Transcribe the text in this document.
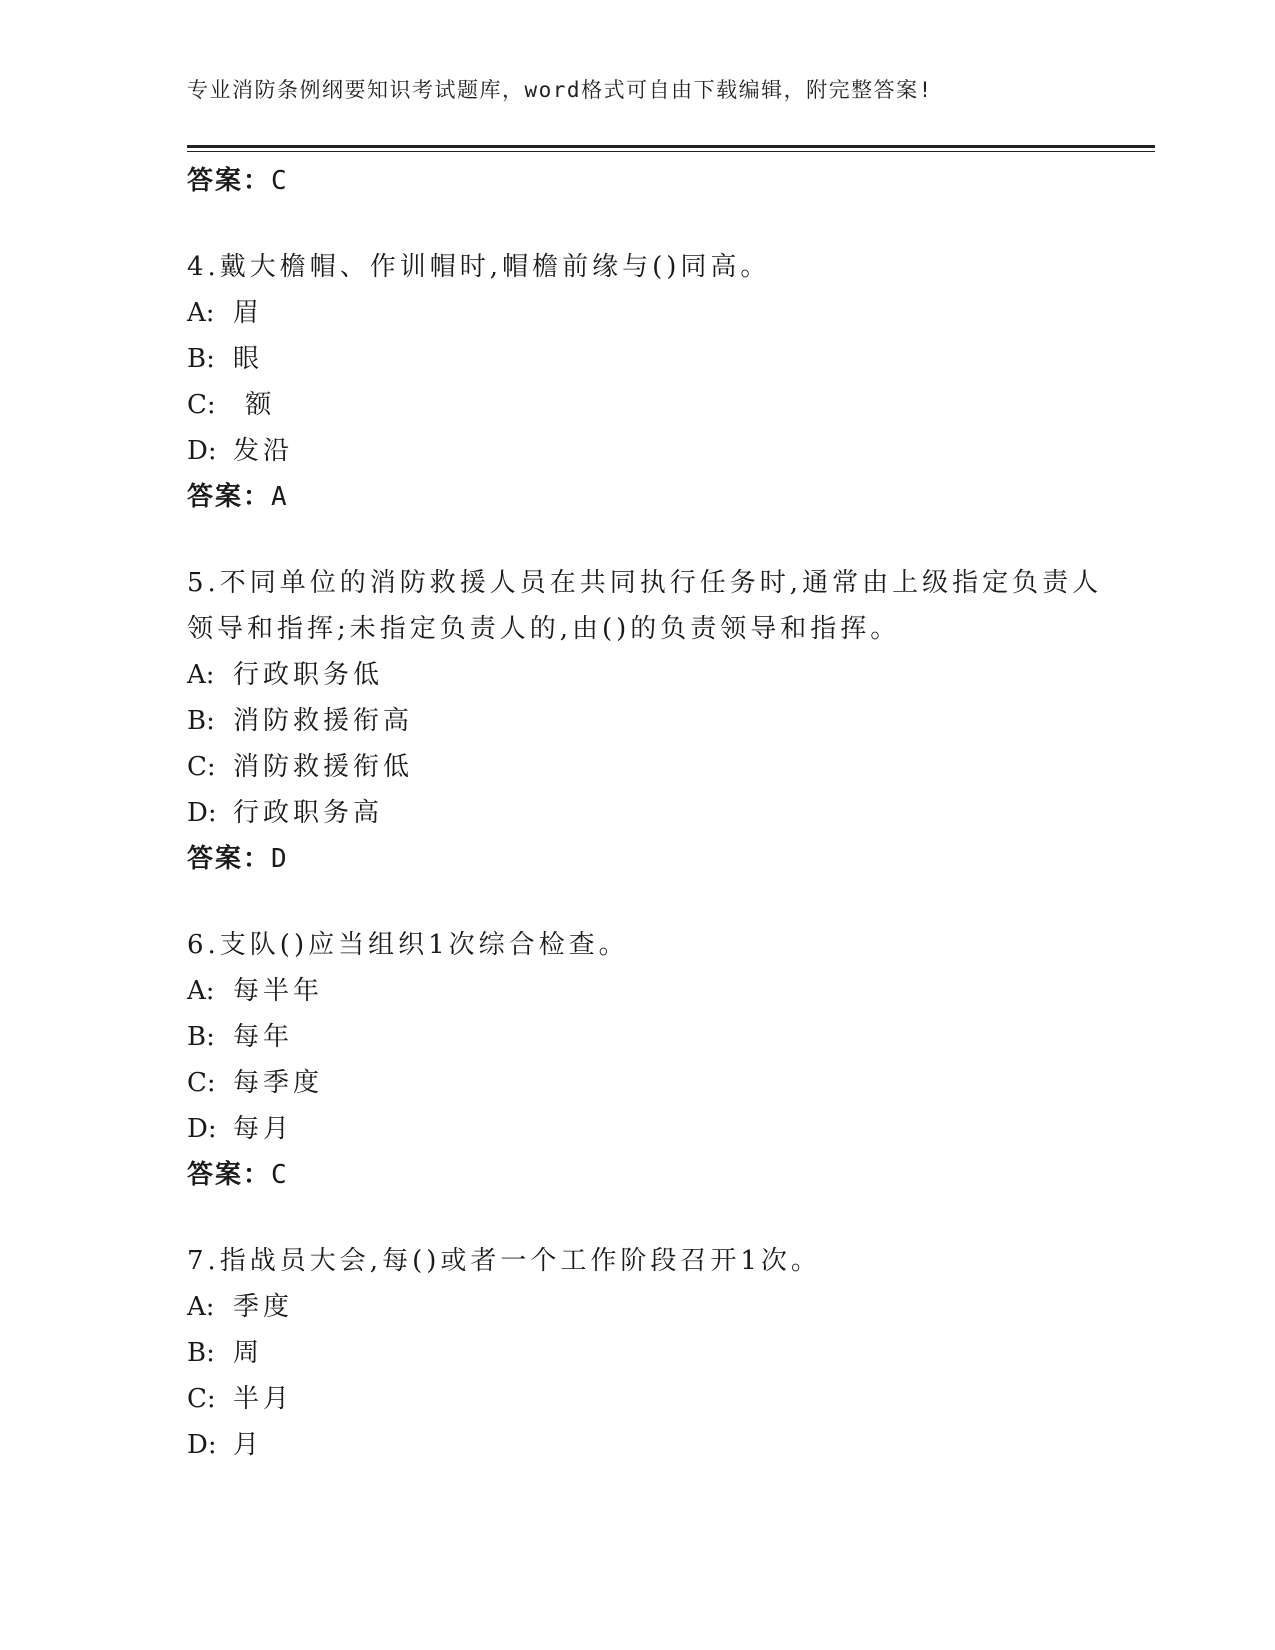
专业消防条例纲要知识考试题库，word格式可自由下载编辑，附完整答案!
答案：C
4.戴大檐帽、作训帽时,帽檐前缘与()同高。
A: 眉
B: 眼
C: 额
D: 发沿
答案：A
5.不同单位的消防救援人员在共同执行任务时,通常由上级指定负责人
领导和指挥;未指定负责人的,由()的负责领导和指挥。
A: 行政职务低
B: 消防救援衔高
C: 消防救援衔低
D: 行政职务高
答案：D
6.支队()应当组织1次综合检查。
A: 每半年
B: 每年
C: 每季度
D: 每月
答案：C
7.指战员大会,每()或者一个工作阶段召开1次。
A: 季度
B: 周
C: 半月
D: 月
